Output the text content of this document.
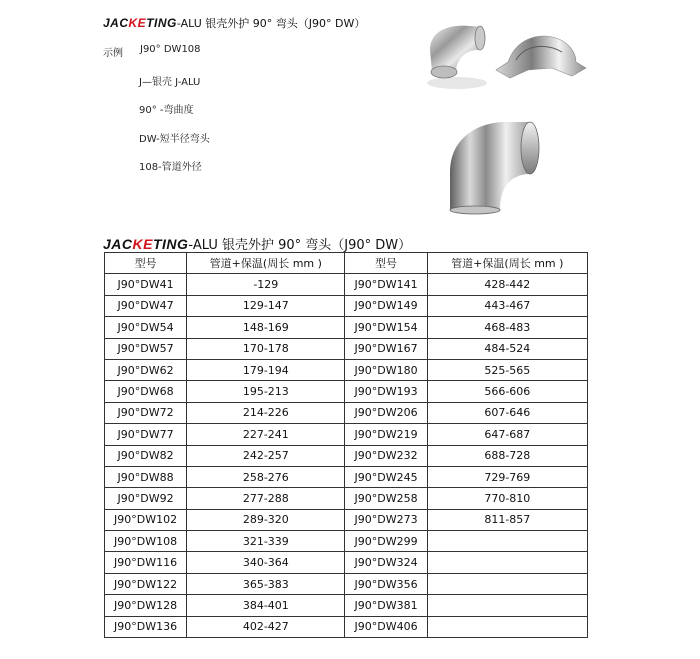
JACKETING-ALU 银壳外护 90° 弯头（J90° DW）
示例 J90° DW108
J—银壳 J-ALU
90° -弯曲度
DW-短半径弯头
108-管道外径
JACKETING-ALU 银壳外护 90° 弯头（J90° DW）
型号	管道+保温(周长 mm )	型号	管道+保温(周长 mm )
J90°DW41	-129	J90°DW141	428-442
J90°DW47	129-147	J90°DW149	443-467
J90°DW54	148-169	J90°DW154	468-483
J90°DW57	170-178	J90°DW167	484-524
J90°DW62	179-194	J90°DW180	525-565
J90°DW68	195-213	J90°DW193	566-606
J90°DW72	214-226	J90°DW206	607-646
J90°DW77	227-241	J90°DW219	647-687
J90°DW82	242-257	J90°DW232	688-728
J90°DW88	258-276	J90°DW245	729-769
J90°DW92	277-288	J90°DW258	770-810
J90°DW102	289-320	J90°DW273	811-857
J90°DW108	321-339	J90°DW299	
J90°DW116	340-364	J90°DW324	
J90°DW122	365-383	J90°DW356	
J90°DW128	384-401	J90°DW381	
J90°DW136	402-427	J90°DW406	
